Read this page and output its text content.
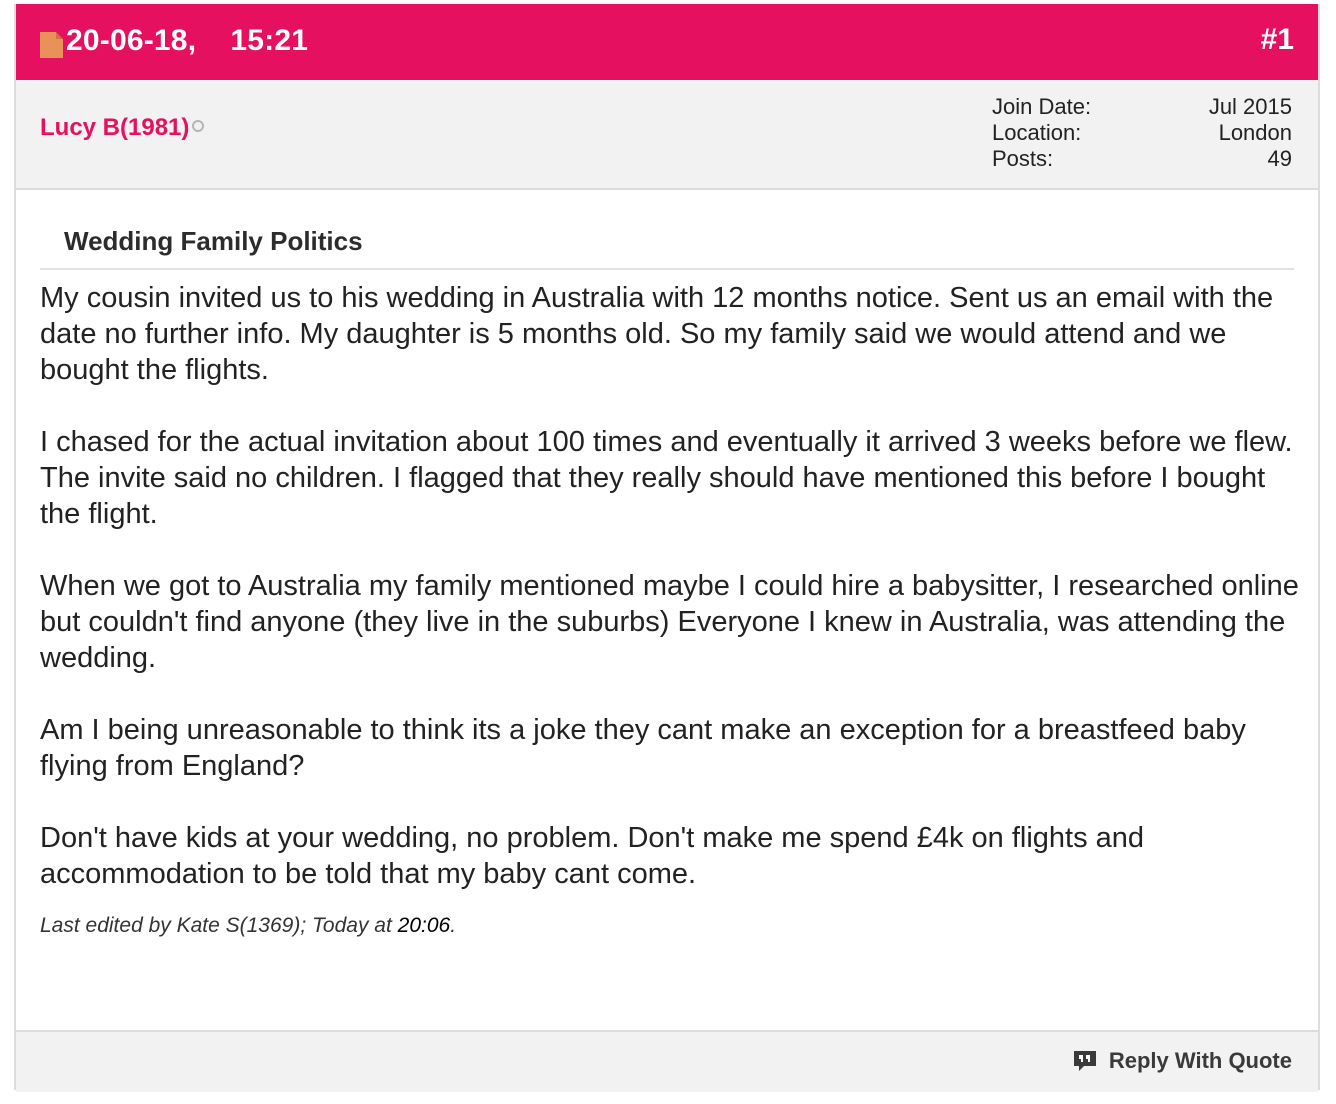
20-06-18, 15:21	#1
Lucy B(1981)
Join Date:	Jul 2015
Location:	London
Posts:	49
Wedding Family Politics

My cousin invited us to his wedding in Australia with 12 months notice. Sent us an email with the date no further info. My daughter is 5 months old. So my family said we would attend and we bought the flights.

I chased for the actual invitation about 100 times and eventually it arrived 3 weeks before we flew. The invite said no children. I flagged that they really should have mentioned this before I bought the flight.

When we got to Australia my family mentioned maybe I could hire a babysitter, I researched online but couldn't find anyone (they live in the suburbs) Everyone I knew in Australia, was attending the wedding.

Am I being unreasonable to think its a joke they cant make an exception for a breastfeed baby flying from England?

Don't have kids at your wedding, no problem. Don't make me spend £4k on flights and accommodation to be told that my baby cant come.

Last edited by Kate S(1369); Today at 20:06.
Reply With Quote
